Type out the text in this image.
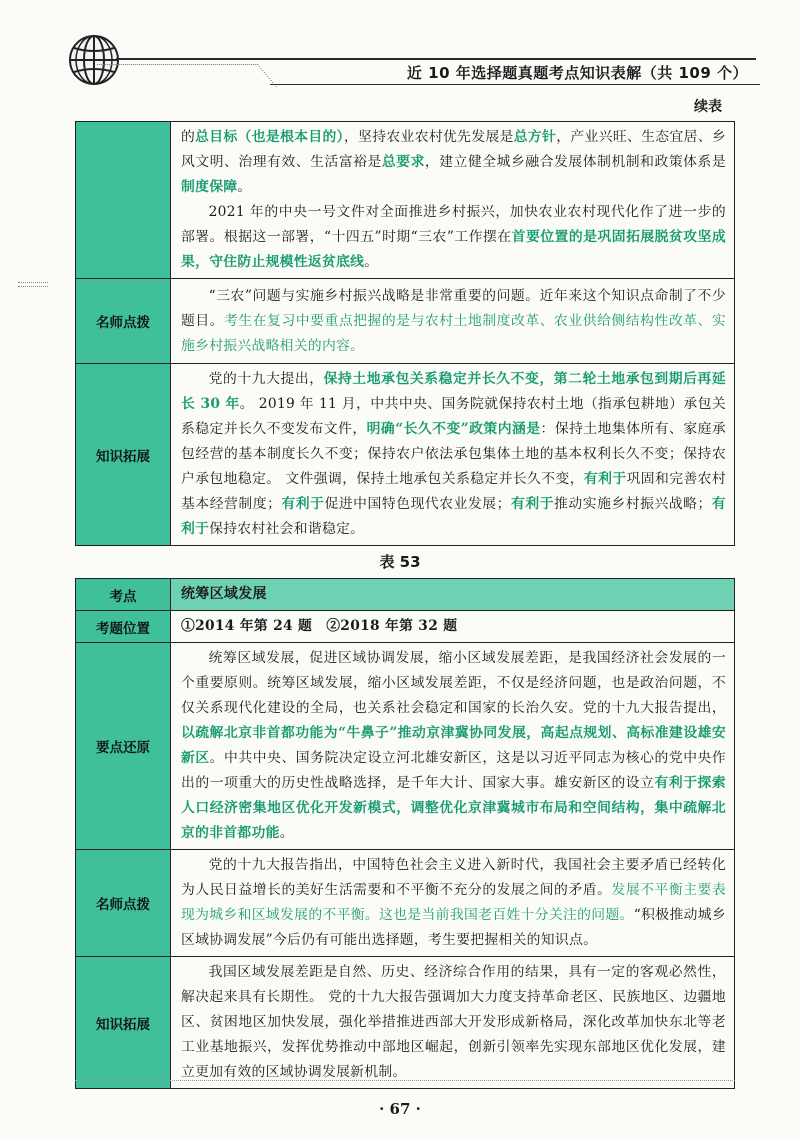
近 10 年选择题真题考点知识表解（共 109 个）
续表

	的总目标（也是根本目的），坚持农业农村优先发展是总方针，产业兴旺、生态宜居、乡风文明、治理有效、生活富裕是总要求，建立健全城乡融合发展体制机制和政策体系是制度保障。

2021 年的中央一号文件对全面推进乡村振兴，加快农业农村现代化作了进一步的部署。根据这一部署，“十四五”时期“三农”工作摆在首要位置的是巩固拓展脱贫攻坚成果，守住防止规模性返贫底线。

名师点拨	“三农”问题与实施乡村振兴战略是非常重要的问题。近年来这个知识点命制了不少题目。考生在复习中要重点把握的是与农村土地制度改革、农业供给侧结构性改革、实施乡村振兴战略相关的内容。

知识拓展	党的十九大提出，保持土地承包关系稳定并长久不变，第二轮土地承包到期后再延长 30 年。 2019 年 11 月，中共中央、国务院就保持农村土地（指承包耕地）承包关系稳定并长久不变发布文件，明确“长久不变”政策内涵是：保持土地集体所有、家庭承包经营的基本制度长久不变；保持农户依法承包集体土地的基本权利长久不变；保持农户承包地稳定。 文件强调，保持土地承包关系稳定并长久不变，有利于巩固和完善农村基本经营制度；有利于促进中国特色现代农业发展；有利于推动实施乡村振兴战略；有利于保持农村社会和谐稳定。

表 53
考点	统筹区域发展
考题位置	①2014 年第 24 题　②2018 年第 32 题
要点还原	统筹区域发展，促进区域协调发展，缩小区域发展差距，是我国经济社会发展的一个重要原则。统筹区域发展，缩小区域发展差距，不仅是经济问题，也是政治问题，不仅关系现代化建设的全局，也关系社会稳定和国家的长治久安。党的十九大报告提出，以疏解北京非首都功能为“牛鼻子”推动京津冀协同发展，高起点规划、高标准建设雄安新区。中共中央、国务院决定设立河北雄安新区，这是以习近平同志为核心的党中央作出的一项重大的历史性战略选择，是千年大计、国家大事。雄安新区的设立有利于探索人口经济密集地区优化开发新模式，调整优化京津冀城市布局和空间结构，集中疏解北京的非首都功能。

名师点拨	党的十九大报告指出，中国特色社会主义进入新时代，我国社会主要矛盾已经转化为人民日益增长的美好生活需要和不平衡不充分的发展之间的矛盾。发展不平衡主要表现为城乡和区域发展的不平衡。这也是当前我国老百姓十分关注的问题。“积极推动城乡区域协调发展”今后仍有可能出选择题，考生要把握相关的知识点。

知识拓展	我国区域发展差距是自然、历史、经济综合作用的结果，具有一定的客观必然性，解决起来具有长期性。 党的十九大报告强调加大力度支持革命老区、民族地区、边疆地区、贫困地区加快发展，强化举措推进西部大开发形成新格局，深化改革加快东北等老工业基地振兴，发挥优势推动中部地区崛起，创新引领率先实现东部地区优化发展，建立更加有效的区域协调发展新机制。

· 67 ·
